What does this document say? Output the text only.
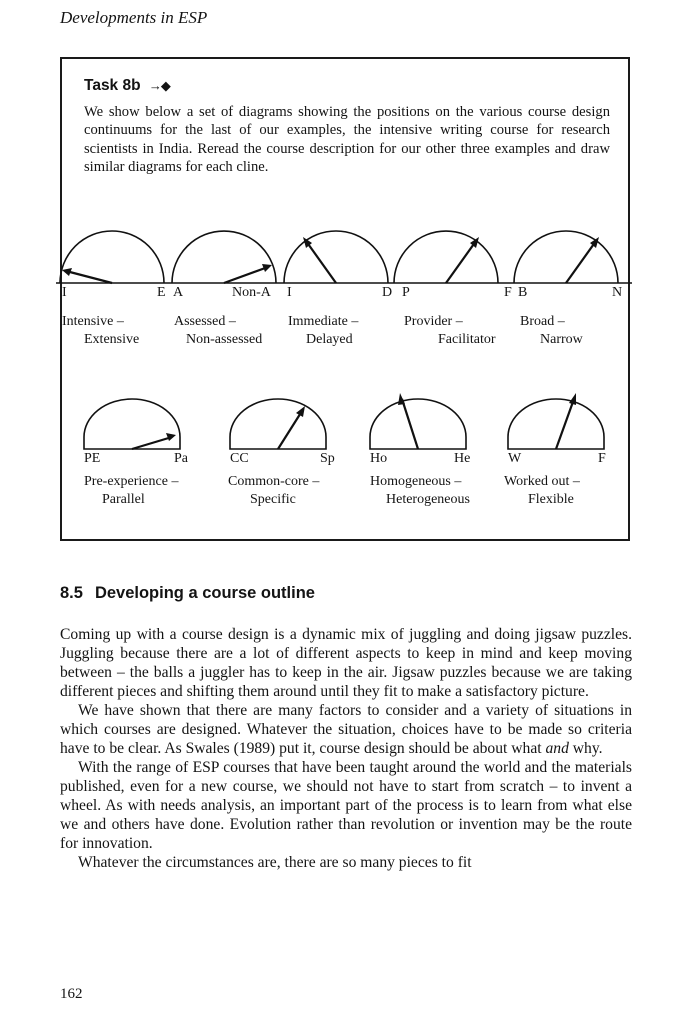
Developments in ESP
Task 8b →◆

We show below a set of diagrams showing the positions on the various course design continuums for the last of our examples, the intensive writing course for research scientists in India. Reread the course description for our other three examples and draw similar diagrams for each cline.

I	E A	Non-A I	D P	F B	N
Intensive –
Extensive
Assessed –
Non-assessed
Immediate –
Delayed
Provider –
Facilitator
Broad –
Narrow
PE	Pa	CC	Sp	Ho	He	W	F
Pre-experience –
Parallel
Common-core –
Specific
Homogeneous –
Heterogeneous
Worked out –
Flexible
8.5 Developing a course outline

Coming up with a course design is a dynamic mix of juggling and doing jigsaw puzzles. Juggling because there are a lot of different aspects to keep in mind and keep moving between – the balls a juggler has to keep in the air. Jigsaw puzzles because we are taking different pieces and shifting them around until they fit to make a satisfactory picture.

We have shown that there are many factors to consider and a variety of situations in which courses are designed. Whatever the situation, choices have to be made so criteria have to be clear. As Swales (1989) put it, course design should be about what and why.

With the range of ESP courses that have been taught around the world and the materials published, even for a new course, we should not have to start from scratch – to invent a wheel. As with needs analysis, an important part of the process is to learn from what else we and others have done. Evolution rather than revolution or invention may be the route for innovation.

Whatever the circumstances are, there are so many pieces to fit

162
